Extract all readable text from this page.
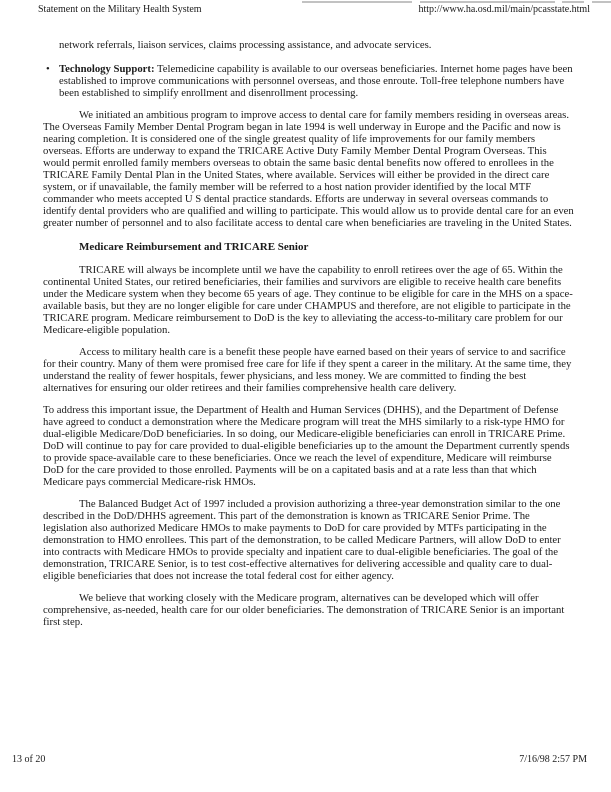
Statement on the Military Health System	http://www.ha.osd.mil/main/pcasstate.html

network referrals, liaison services, claims processing assistance, and advocate services.

• Technology Support: Telemedicine capability is available to our overseas beneficiaries. Internet home pages have been established to improve communications with personnel overseas, and those enroute. Toll-free telephone numbers have been established to simplify enrollment and disenrollment processing.

We initiated an ambitious program to improve access to dental care for family members residing in overseas areas. The Overseas Family Member Dental Program began in late 1994 is well underway in Europe and the Pacific and now is nearing completion. It is considered one of the single greatest quality of life improvements for our family members overseas. Efforts are underway to expand the TRICARE Active Duty Family Member Dental Program Overseas. This would permit enrolled family members overseas to obtain the same basic dental benefits now offered to enrollees in the TRICARE Family Dental Plan in the United States, where available. Services will either be provided in the direct care system, or if unavailable, the family member will be referred to a host nation provider identified by the local MTF commander who meets accepted U S dental practice standards. Efforts are underway in several overseas commands to identify dental providers who are qualified and willing to participate. This would allow us to provide dental care for an even greater number of personnel and to also facilitate access to dental care when beneficiaries are traveling in the United States.

Medicare Reimbursement and TRICARE Senior

TRICARE will always be incomplete until we have the capability to enroll retirees over the age of 65. Within the continental United States, our retired beneficiaries, their families and survivors are eligible to receive health care benefits under the Medicare system when they become 65 years of age. They continue to be eligible for care in the MHS on a space-available basis, but they are no longer eligible for care under CHAMPUS and therefore, are not eligible to participate in the TRICARE program. Medicare reimbursement to DoD is the key to alleviating the access-to-military care problem for our Medicare-eligible population.

Access to military health care is a benefit these people have earned based on their years of service to and sacrifice for their country. Many of them were promised free care for life if they spent a career in the military. At the same time, they understand the reality of fewer hospitals, fewer physicians, and less money. We are committed to finding the best alternatives for ensuring our older retirees and their families comprehensive health care delivery.

To address this important issue, the Department of Health and Human Services (DHHS), and the Department of Defense have agreed to conduct a demonstration where the Medicare program will treat the MHS similarly to a risk-type HMO for dual-eligible Medicare/DoD beneficiaries. In so doing, our Medicare-eligible beneficiaries can enroll in TRICARE Prime. DoD will continue to pay for care provided to dual-eligible beneficiaries up to the amount the Department currently spends to provide space-available care to these beneficiaries. Once we reach the level of expenditure, Medicare will reimburse DoD for the care provided to those enrolled. Payments will be on a capitated basis and at a rate less than that which Medicare pays commercial Medicare-risk HMOs.

The Balanced Budget Act of 1997 included a provision authorizing a three-year demonstration similar to the one described in the DoD/DHHS agreement. This part of the demonstration is known as TRICARE Senior Prime. The legislation also authorized Medicare HMOs to make payments to DoD for care provided by MTFs participating in the demonstration to HMO enrollees. This part of the demonstration, to be called Medicare Partners, will allow DoD to enter into contracts with Medicare HMOs to provide specialty and inpatient care to dual-eligible beneficiaries. The goal of the demonstration, TRICARE Senior, is to test cost-effective alternatives for delivering accessible and quality care to dual-eligible beneficiaries that does not increase the total federal cost for either agency.

We believe that working closely with the Medicare program, alternatives can be developed which will offer comprehensive, as-needed, health care for our older beneficiaries. The demonstration of TRICARE Senior is an important first step.

13 of 20	7/16/98 2:57 PM
